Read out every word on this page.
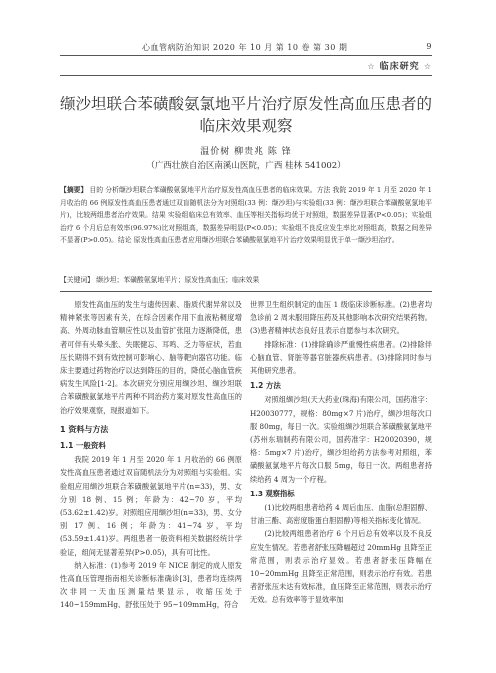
心血管病防治知识 2020 年 10 月 第 10 卷 第 30 期	9
☆ 临床研究 ☆
缬沙坦联合苯磺酸氨氯地平片治疗原发性高血压患者的
临床效果观察
温价树 柳贵兆 陈 锋
（广西壮族自治区南溪山医院，广西 桂林 541002）
【摘要】 目的 分析缬沙坦联合苯磺酸氨氯地平片治疗原发性高血压患者的临床效果。方法 我院 2019 年 1 月至 2020 年 1 月收治的 66 例原发性高血压患者通过双盲随机法分为对照组(33 例：缬沙坦)与实验组(33 例：缬沙坦联合苯磺酸氨氯地平片)，比较两组患者治疗效果。结果 实验组临床总有效率、血压等相关指标均优于对照组，数据差异显著(P<0.05)；实验组治疗 6 个月后总有效率(96.97%)比对照组高，数据差异明显(P<0.05)；实验组不良反应发生率比对照组高，数据之间差异不显著(P>0.05)。结论 原发性高血压患者应用缬沙坦联合苯磺酸氨氯地平片治疗效果明显优于单一缬沙坦治疗。
【关键词】 缬沙坦；苯磺酸氨氯地平片；原发性高血压；临床效果

原发性高血压的发生与遗传因素、脂质代谢异常以及精神紧张等因素有关，在综合因素作用下血液粘稠度增高、外周动脉血管顺应性以及血管扩张阻力逐渐降低，患者可伴有头晕头胀、失眠健忘、耳鸣、乏力等症状，若血压长期得不到有效控制可影响心、脑等靶向器官功能。临床主要通过药物治疗以达到降压的目的，降低心脑血管疾病发生风险[1-2]。本次研究分别应用缬沙坦、缬沙坦联合苯磺酸氨氯地平片两种不同治药方案对原发性高血压的治疗效果观察，现报道如下。

1 资料与方法

1.1 一般资料

我院 2019 年 1 月至 2020 年 1 月收治的 66 例原发性高血压患者通过双盲随机法分为对照组与实验组。实验组应用缬沙坦联合苯磺酸氨氯地平片(n=33)，男、女分别 18 例、15 例；年龄为：42~70 岁，平均(53.62±1.42)岁。对照组应用缬沙坦(n=33)，男、女分别 17 例、16 例；年龄为：41~74 岁，平均(53.59±1.41)岁。两组患者一般资料相关数据经统计学验证，组间无显著差异(P>0.05)，具有可比性。

纳入标准：(1)参考 2019 年 NICE 制定的成人原发性高血压管理指南相关诊断标准确诊[3]，患者均连续两次非同一天血压测量结果显示，收缩压处于 140~159mmHg、舒张压处于 95~109mmHg，符合

世界卫生组织制定的血压 1 级临床诊断标准。(2)患者均急诊前 2 周未服用降压药及其他影响本次研究结果药物。(3)患者精神状态良好且表示自愿参与本次研究。

排除标准：(1)排除确诊严重慢性病患者。(2)排除伴心脑血管、肾脏等器官脏器疾病患者。(3)排除同时参与其他研究患者。

1.2 方法

对照组缬沙坦(天大药业(珠海)有限公司，国药准字：H20030777，规格：80mg×7 片)治疗，缬沙坦每次口服 80mg，每日一次。实验组缬沙坦联合苯磺酸氨氯地平(苏州东瑞制药有限公司，国药准字：H20020390，规格：5mg×7 片)治疗，缬沙坦给药方法参考对照组，苯磺酸氨氯地平片每次口服 5mg，每日一次。两组患者持续给药 4 周为一个疗程。

1.3 观察指标

(1)比较两组患者给药 4 周后血压、血脂(总胆固醇、甘油三酯、高密度脂蛋白胆固醇)等相关指标变化情况。

(2)比较两组患者治疗 6 个月后总有效率以及不良反应发生情况。若患者舒张压降幅超过 20mmHg 且降至正常范围，则表示治疗显效。若患者舒张压降幅在 10~20mmHg 且降至正常范围，则表示治疗有效。若患者舒张压未达有效标准，血压降至正常范围，则表示治疗无效。总有效率等于显效率加
